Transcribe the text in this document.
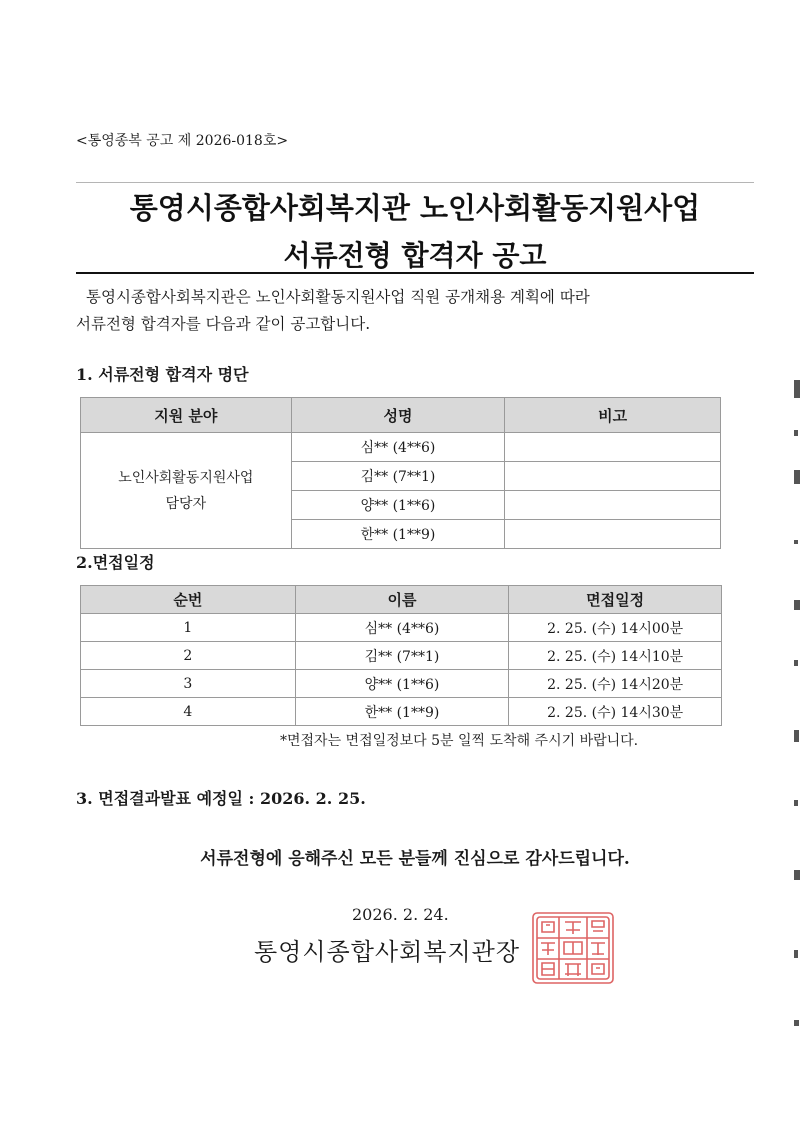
<통영종복 공고 제 2026-018호>
통영시종합사회복지관 노인사회활동지원사업
서류전형 합격자 공고
통영시종합사회복지관은 노인사회활동지원사업 직원 공개채용 계획에 따라
서류전형 합격자를 다음과 같이 공고합니다.
1. 서류전형 합격자 명단
지원 분야	성명	비고
노인사회활동지원사업
담당자	심** (4**6)	
	김** (7**1)	
	양** (1**6)	
	한** (1**9)	
2.면접일정
순번	이름	면접일정
1	심** (4**6)	2. 25. (수) 14시00분
2	김** (7**1)	2. 25. (수) 14시10분
3	양** (1**6)	2. 25. (수) 14시20분
4	한** (1**9)	2. 25. (수) 14시30분
*면접자는 면접일정보다 5분 일찍 도착해 주시기 바랍니다.
3. 면접결과발표 예정일 : 2026. 2. 25.
서류전형에 응해주신 모든 분들께 진심으로 감사드립니다.
2026. 2. 24.
통영시종합사회복지관장
